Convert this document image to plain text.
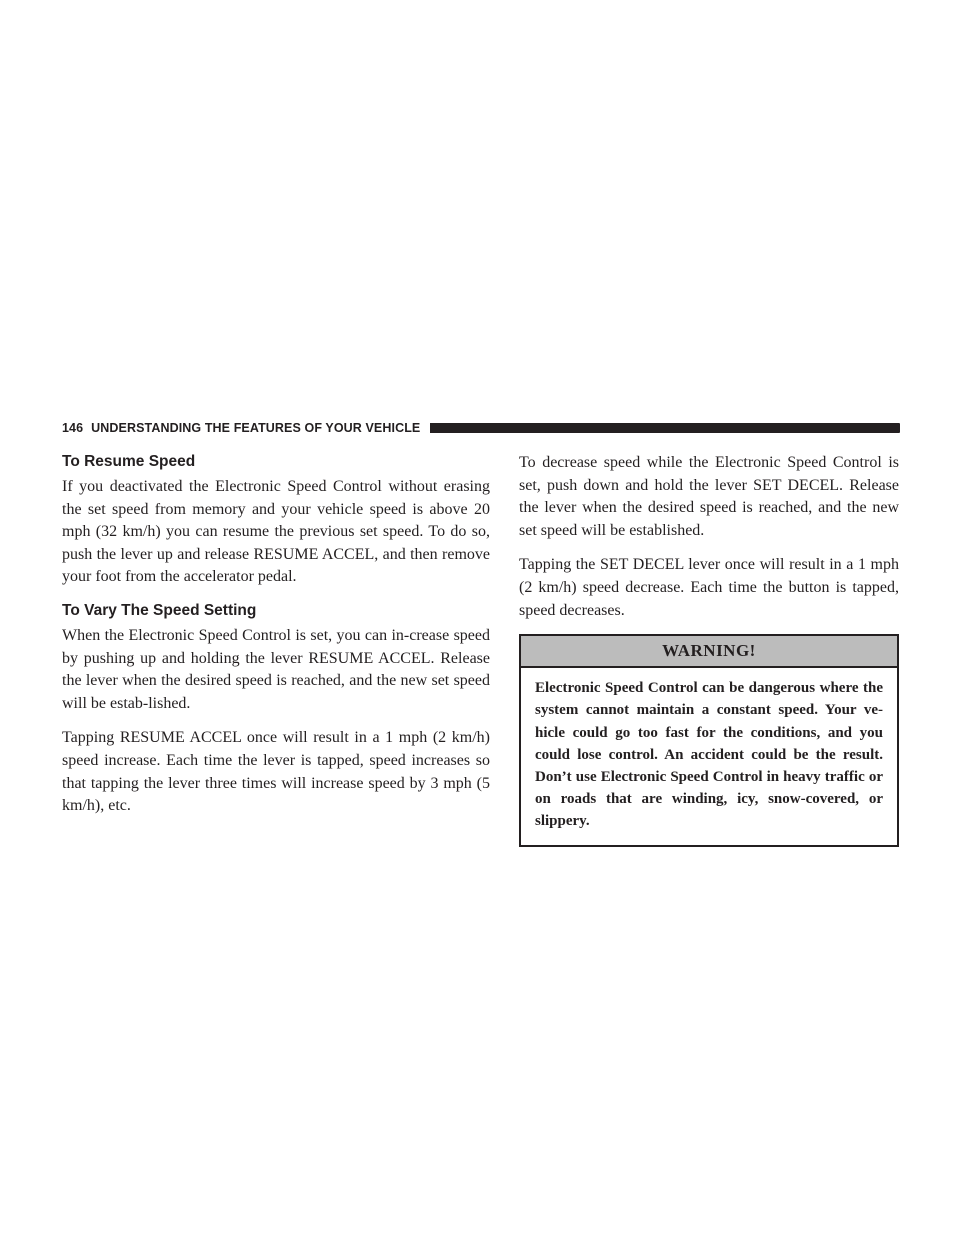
146 UNDERSTANDING THE FEATURES OF YOUR VEHICLE
To Resume Speed

If you deactivated the Electronic Speed Control without erasing the set speed from memory and your vehicle speed is above 20 mph (32 km/h) you can resume the previous set speed. To do so, push the lever up and release RESUME ACCEL, and then remove your foot from the accelerator pedal.

To Vary The Speed Setting

When the Electronic Speed Control is set, you can in-crease speed by pushing up and holding the lever RESUME ACCEL. Release the lever when the desired speed is reached, and the new set speed will be estab-lished.

Tapping RESUME ACCEL once will result in a 1 mph (2 km/h) speed increase. Each time the lever is tapped, speed increases so that tapping the lever three times will increase speed by 3 mph (5 km/h), etc.

To decrease speed while the Electronic Speed Control is set, push down and hold the lever SET DECEL. Release the lever when the desired speed is reached, and the new set speed will be established.

Tapping the SET DECEL lever once will result in a 1 mph (2 km/h) speed decrease. Each time the button is tapped, speed decreases.

WARNING!
Electronic Speed Control can be dangerous where the system cannot maintain a constant speed. Your ve-hicle could go too fast for the conditions, and you could lose control. An accident could be the result. Don’t use Electronic Speed Control in heavy traffic or on roads that are winding, icy, snow-covered, or slippery.
